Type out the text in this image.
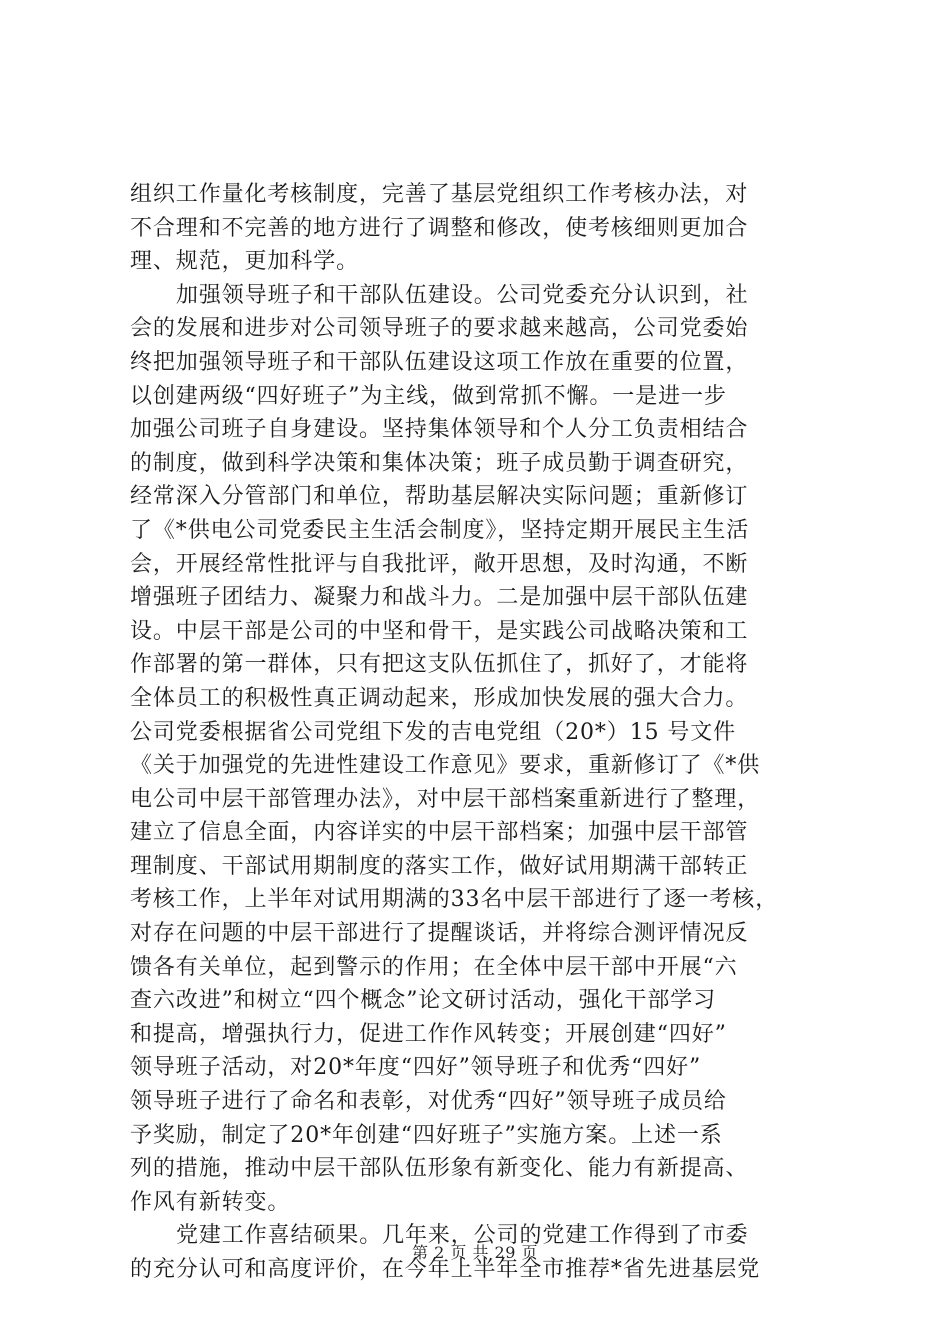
组织工作量化考核制度，完善了基层党组织工作考核办法，对
不合理和不完善的地方进行了调整和修改，使考核细则更加合
理、规范，更加科学。
加强领导班子和干部队伍建设。公司党委充分认识到，社
会的发展和进步对公司领导班子的要求越来越高，公司党委始
终把加强领导班子和干部队伍建设这项工作放在重要的位置，
以创建两级“四好班子”为主线，做到常抓不懈。一是进一步
加强公司班子自身建设。坚持集体领导和个人分工负责相结合
的制度，做到科学决策和集体决策；班子成员勤于调查研究，
经常深入分管部门和单位，帮助基层解决实际问题；重新修订
了《*供电公司党委民主生活会制度》，坚持定期开展民主生活
会，开展经常性批评与自我批评，敞开思想，及时沟通，不断
增强班子团结力、凝聚力和战斗力。二是加强中层干部队伍建
设。中层干部是公司的中坚和骨干，是实践公司战略决策和工
作部署的第一群体，只有把这支队伍抓住了，抓好了，才能将
全体员工的积极性真正调动起来，形成加快发展的强大合力。
公司党委根据省公司党组下发的吉电党组（20*）15 号文件
《关于加强党的先进性建设工作意见》要求，重新修订了《*供
电公司中层干部管理办法》，对中层干部档案重新进行了整理，
建立了信息全面，内容详实的中层干部档案；加强中层干部管
理制度、干部试用期制度的落实工作，做好试用期满干部转正
考核工作，上半年对试用期满的33名中层干部进行了逐一考核，
对存在问题的中层干部进行了提醒谈话，并将综合测评情况反
馈各有关单位，起到警示的作用；在全体中层干部中开展“六
查六改进”和树立“四个概念”论文研讨活动，强化干部学习
和提高，增强执行力，促进工作作风转变；开展创建“四好”
领导班子活动，对20*年度“四好”领导班子和优秀“四好”
领导班子进行了命名和表彰，对优秀“四好”领导班子成员给
予奖励，制定了20*年创建“四好班子”实施方案。上述一系
列的措施，推动中层干部队伍形象有新变化、能力有新提高、
作风有新转变。
党建工作喜结硕果。几年来，公司的党建工作得到了市委
的充分认可和高度评价，在今年上半年全市推荐*省先进基层党
第 2 页 共 29 页
